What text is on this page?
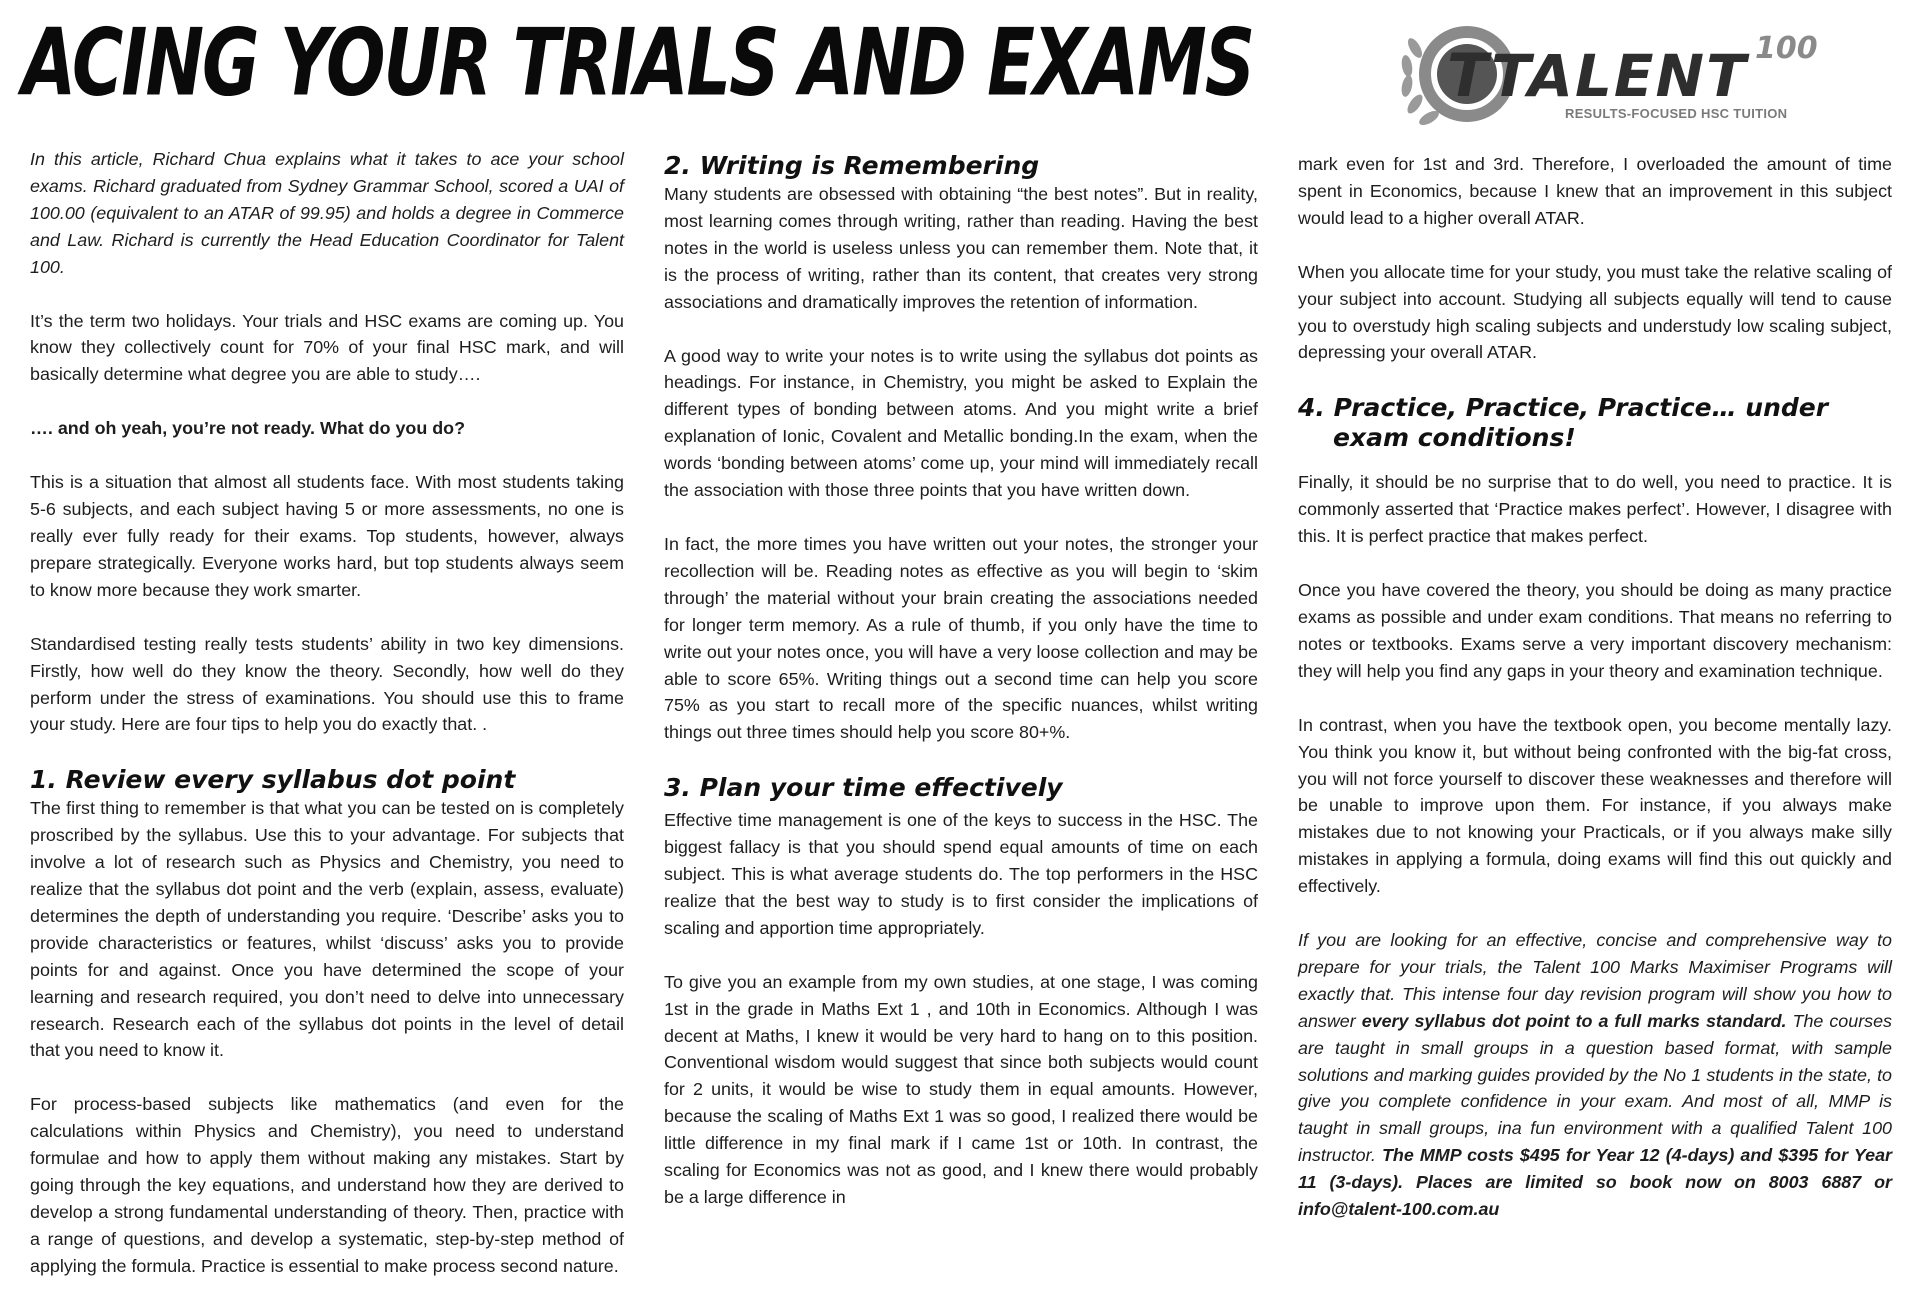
ACING YOUR TRIALS AND EXAMS	T TALENT 100

RESULTS-FOCUSED HSC TUITION

In this article, Richard Chua explains what it takes to ace your school exams. Richard graduated from Sydney Grammar School, scored a UAI of 100.00 (equivalent to an ATAR of 99.95) and holds a degree in Commerce and Law. Richard is currently the Head Education Coordinator for Talent 100.

It’s the term two holidays. Your trials and HSC exams are coming up. You know they collectively count for 70% of your final HSC mark, and will basically determine what degree you are able to study….

…. and oh yeah, you’re not ready. What do you do?

This is a situation that almost all students face. With most students taking 5-6 subjects, and each subject having 5 or more assessments, no one is really ever fully ready for their exams. Top students, however, always prepare strategically. Everyone works hard, but top students always seem to know more because they work smarter.

Standardised testing really tests students’ ability in two key dimensions. Firstly, how well do they know the theory. Secondly, how well do they perform under the stress of examinations. You should use this to frame your study. Here are four tips to help you do exactly that. .

1. Review every syllabus dot point

The first thing to remember is that what you can be tested on is completely proscribed by the syllabus. Use this to your advantage. For subjects that involve a lot of research such as Physics and Chemistry, you need to realize that the syllabus dot point and the verb (explain, assess, evaluate) determines the depth of understanding you require. ‘Describe’ asks you to provide characteristics or features, whilst ‘discuss’ asks you to provide points for and against. Once you have determined the scope of your learning and research required, you don’t need to delve into unnecessary research. Research each of the syllabus dot points in the level of detail that you need to know it.

For process-based subjects like mathematics (and even for the calculations within Physics and Chemistry), you need to understand formulae and how to apply them without making any mistakes. Start by going through the key equations, and understand how they are derived to develop a strong fundamental understanding of theory. Then, practice with a range of questions, and develop a systematic, step-by-step method of applying the formula. Practice is essential to make process second nature.

2. Writing is Remembering

Many students are obsessed with obtaining “the best notes”. But in reality, most learning comes through writing, rather than reading. Having the best notes in the world is useless unless you can remember them. Note that, it is the process of writing, rather than its content, that creates very strong associations and dramatically improves the retention of information.

A good way to write your notes is to write using the syllabus dot points as headings. For instance, in Chemistry, you might be asked to Explain the different types of bonding between atoms. And you might write a brief explanation of Ionic, Covalent and Metallic bonding.In the exam, when the words ‘bonding between atoms’ come up, your mind will immediately recall the association with those three points that you have written down.

In fact, the more times you have written out your notes, the stronger your recollection will be. Reading notes as effective as you will begin to ‘skim through’ the material without your brain creating the associations needed for longer term memory. As a rule of thumb, if you only have the time to write out your notes once, you will have a very loose collection and may be able to score 65%. Writing things out a second time can help you score 75% as you start to recall more of the specific nuances, whilst writing things out three times should help you score 80+%.

3. Plan your time effectively

Effective time management is one of the keys to success in the HSC. The biggest fallacy is that you should spend equal amounts of time on each subject. This is what average students do. The top performers in the HSC realize that the best way to study is to first consider the implications of scaling and apportion time appropriately.

To give you an example from my own studies, at one stage, I was coming 1st in the grade in Maths Ext 1 , and 10th in Economics. Although I was decent at Maths, I knew it would be very hard to hang on to this position. Conventional wisdom would suggest that since both subjects would count for 2 units, it would be wise to study them in equal amounts. However, because the scaling of Maths Ext 1 was so good, I realized there would be little difference in my final mark if I came 1st or 10th. In contrast, the scaling for Economics was not as good, and I knew there would probably be a large difference in

mark even for 1st and 3rd. Therefore, I overloaded the amount of time spent in Economics, because I knew that an improvement in this subject would lead to a higher overall ATAR.

When you allocate time for your study, you must take the relative scaling of your subject into account. Studying all subjects equally will tend to cause you to overstudy high scaling subjects and understudy low scaling subject, depressing your overall ATAR.

4. Practice, Practice, Practice… under
exam conditions!

Finally, it should be no surprise that to do well, you need to practice. It is commonly asserted that ‘Practice makes perfect’. However, I disagree with this. It is perfect practice that makes perfect.

Once you have covered the theory, you should be doing as many practice exams as possible and under exam conditions. That means no referring to notes or textbooks. Exams serve a very important discovery mechanism: they will help you find any gaps in your theory and examination technique.

In contrast, when you have the textbook open, you become mentally lazy. You think you know it, but without being confronted with the big-fat cross, you will not force yourself to discover these weaknesses and therefore will be unable to improve upon them. For instance, if you always make mistakes due to not knowing your Practicals, or if you always make silly mistakes in applying a formula, doing exams will find this out quickly and effectively.

If you are looking for an effective, concise and comprehensive way to prepare for your trials, the Talent 100 Marks Maximiser Programs will exactly that. This intense four day revision program will show you how to answer every syllabus dot point to a full marks standard. The courses are taught in small groups in a question based format, with sample solutions and marking guides provided by the No 1 students in the state, to give you complete confidence in your exam. And most of all, MMP is taught in small groups, ina fun environment with a qualified Talent 100 instructor. The MMP costs $495 for Year 12 (4-days) and $395 for Year 11 (3-days). Places are limited so book now on 8003 6887 or info@talent-100.com.au
